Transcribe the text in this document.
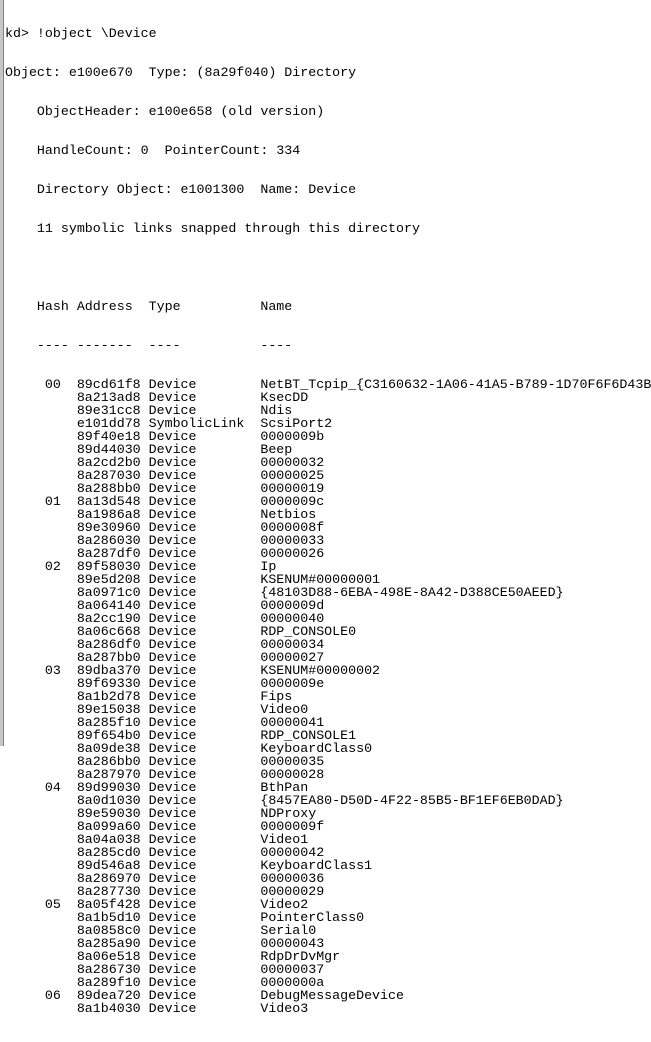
kd> !object \Device

Object: e100e670  Type: (8a29f040) Directory

ObjectHeader: e100e658 (old version)

HandleCount: 0  PointerCount: 334

Directory Object: e1001300  Name: Device

11 symbolic links snapped through this directory

Hash Address  Type          Name

---- -------  ----          ----

00  89cd61f8 Device        NetBT_Tcpip_{C3160632-1A06-41A5-B789-1D70F6F6D43B
8a213ad8 Device        KsecDD
89e31cc8 Device        Ndis
e101dd78 SymbolicLink  ScsiPort2
89f40e18 Device        0000009b
89d44030 Device        Beep
8a2cd2b0 Device        00000032
8a287030 Device        00000025
8a288bb0 Device        00000019
01  8a13d548 Device        0000009c
8a1986a8 Device        Netbios
89e30960 Device        0000008f
8a286030 Device        00000033
8a287df0 Device        00000026
02  89f58030 Device        Ip
89e5d208 Device        KSENUM#00000001
8a0971c0 Device        {48103D88-6EBA-498E-8A42-D388CE50AEED}
8a064140 Device        0000009d
8a2cc190 Device        00000040
8a06c668 Device        RDP_CONSOLE0
8a286df0 Device        00000034
8a287bb0 Device        00000027
03  89dba370 Device        KSENUM#00000002
89f69330 Device        0000009e
8a1b2d78 Device        Fips
89e15038 Device        Video0
8a285f10 Device        00000041
89f654b0 Device        RDP_CONSOLE1
8a09de38 Device        KeyboardClass0
8a286bb0 Device        00000035
8a287970 Device        00000028
04  89d99030 Device        BthPan
8a0d1030 Device        {8457EA80-D50D-4F22-85B5-BF1EF6EB0DAD}
89e59030 Device        NDProxy
8a099a60 Device        0000009f
8a04a038 Device        Video1
8a285cd0 Device        00000042
89d546a8 Device        KeyboardClass1
8a286970 Device        00000036
8a287730 Device        00000029
05  8a05f428 Device        Video2
8a1b5d10 Device        PointerClass0
8a0858c0 Device        Serial0
8a285a90 Device        00000043
8a06e518 Device        RdpDrDvMgr
8a286730 Device        00000037
8a289f10 Device        0000000a
06  89dea720 Device        DebugMessageDevice
8a1b4030 Device        Video3
